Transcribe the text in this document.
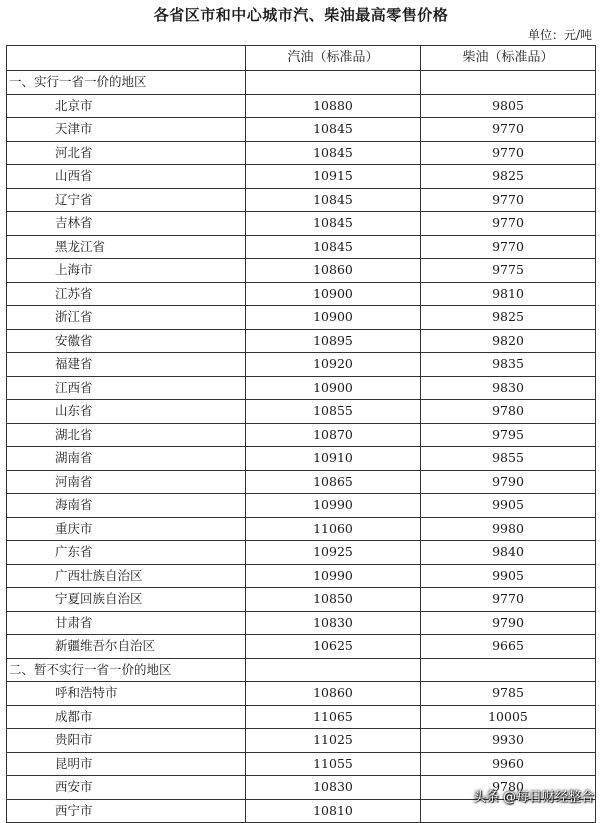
各省区市和中心城市汽、柴油最高零售价格
单位：元/吨
	汽油（标准品）	柴油（标准品）
一、实行一省一价的地区		
北京市	10880	9805
天津市	10845	9770
河北省	10845	9770
山西省	10915	9825
辽宁省	10845	9770
吉林省	10845	9770
黑龙江省	10845	9770
上海市	10860	9775
江苏省	10900	9810
浙江省	10900	9825
安徽省	10895	9820
福建省	10920	9835
江西省	10900	9830
山东省	10855	9780
湖北省	10870	9795
湖南省	10910	9855
河南省	10865	9790
海南省	10990	9905
重庆市	11060	9980
广东省	10925	9840
广西壮族自治区	10990	9905
宁夏回族自治区	10850	9770
甘肃省	10830	9790
新疆维吾尔自治区	10625	9665
二、暂不实行一省一价的地区		
呼和浩特市	10860	9785
成都市	11065	10005
贵阳市	11025	9930
昆明市	11055	9960
西安市	10830	9780
西宁市	10810	
头条 @每日财经整合
